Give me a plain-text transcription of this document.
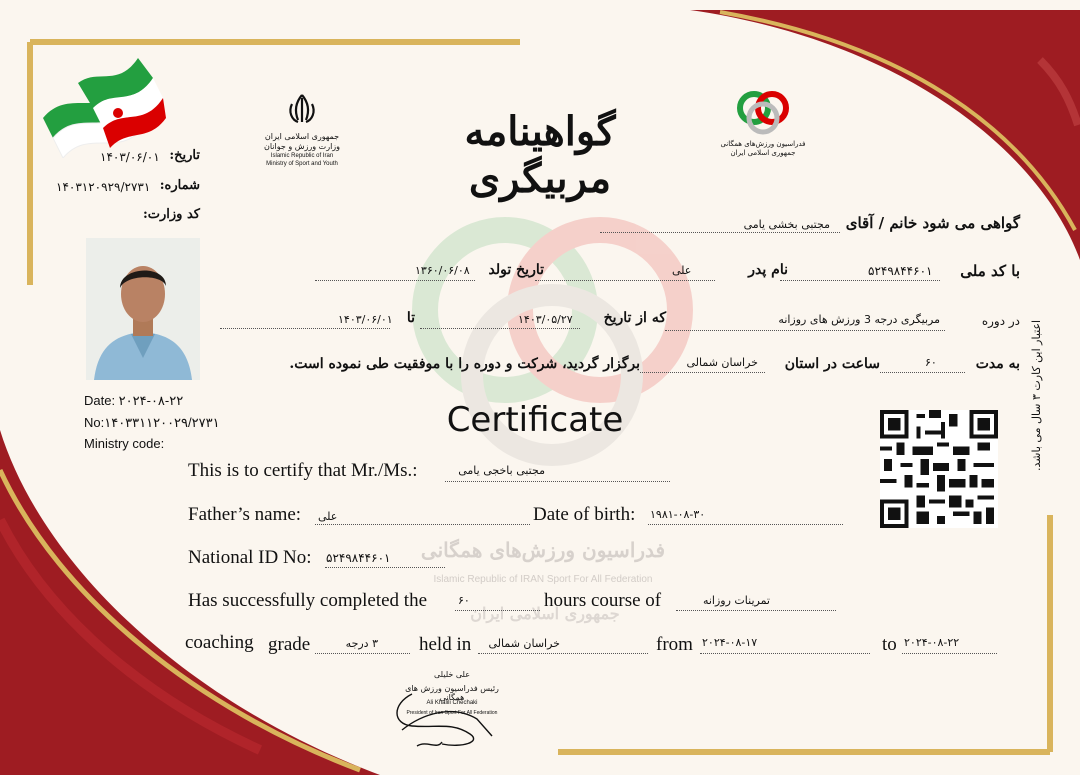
جمهوری اسلامی ایران
وزارت ورزش و جوانان
Islamic Republic of Iran
Ministry of Sport and Youth
گواهینامه مربیگری
فدراسیون ورزش‌های همگانی
جمهوری اسلامی ایران
تاریخ:
۱۴۰۳/۰۶/۰۱
شماره:
۱۴۰۳۱۲۰۹۲۹/۲۷۳۱
کد وزارت:
Date: ۲۰۲۴-۰۸-۲۲
No:۱۴۰۳۳۱۱۲۰۰۲۹/۲۷۳۱
Ministry code:
گواهی می شود خانم / آقای
مجتبی بخشی یامی
با کد ملی
۵۲۴۹۸۴۴۶۰۱
نام پدر
علی
تاریخ تولد
۱۳۶۰/۰۶/۰۸
در دوره
مربیگری درجه 3 ورزش های روزانه
که از تاریخ
۱۴۰۳/۰۵/۲۷
تا
۱۴۰۳/۰۶/۰۱
به مدت
۶۰
ساعت در استان
خراسان شمالی
برگزار گردید، شرکت و دوره را با موفقیت طی نموده است.
اعتبار این کارت ۳ سال می باشد.
Certificate
فدراسیون ورزش‌های همگانی
Islamic Republic of IRAN Sport For All Federation
جمهوری اسلامی ایران
This is to certify that Mr./Ms.:	مجتبی باخجی یامی
Father’s name: علی	Date of birth: ۱۹۸۱-۰۸-۳۰
National ID No: ۵۲۴۹۸۴۴۶۰۱
Has successfully completed the	۶۰	hours course of	تمرینات روزانه
coaching grade	۳ درجه held in	خراسان شمالی	from ۲۰۲۴-۰۸-۱۷	to ۲۰۲۴-۰۸-۲۲
علی خلیلی
رئیس فدراسیون ورزش های همگانی
Ali Khalili Chechaki
President of Iran Sport For All Federation
